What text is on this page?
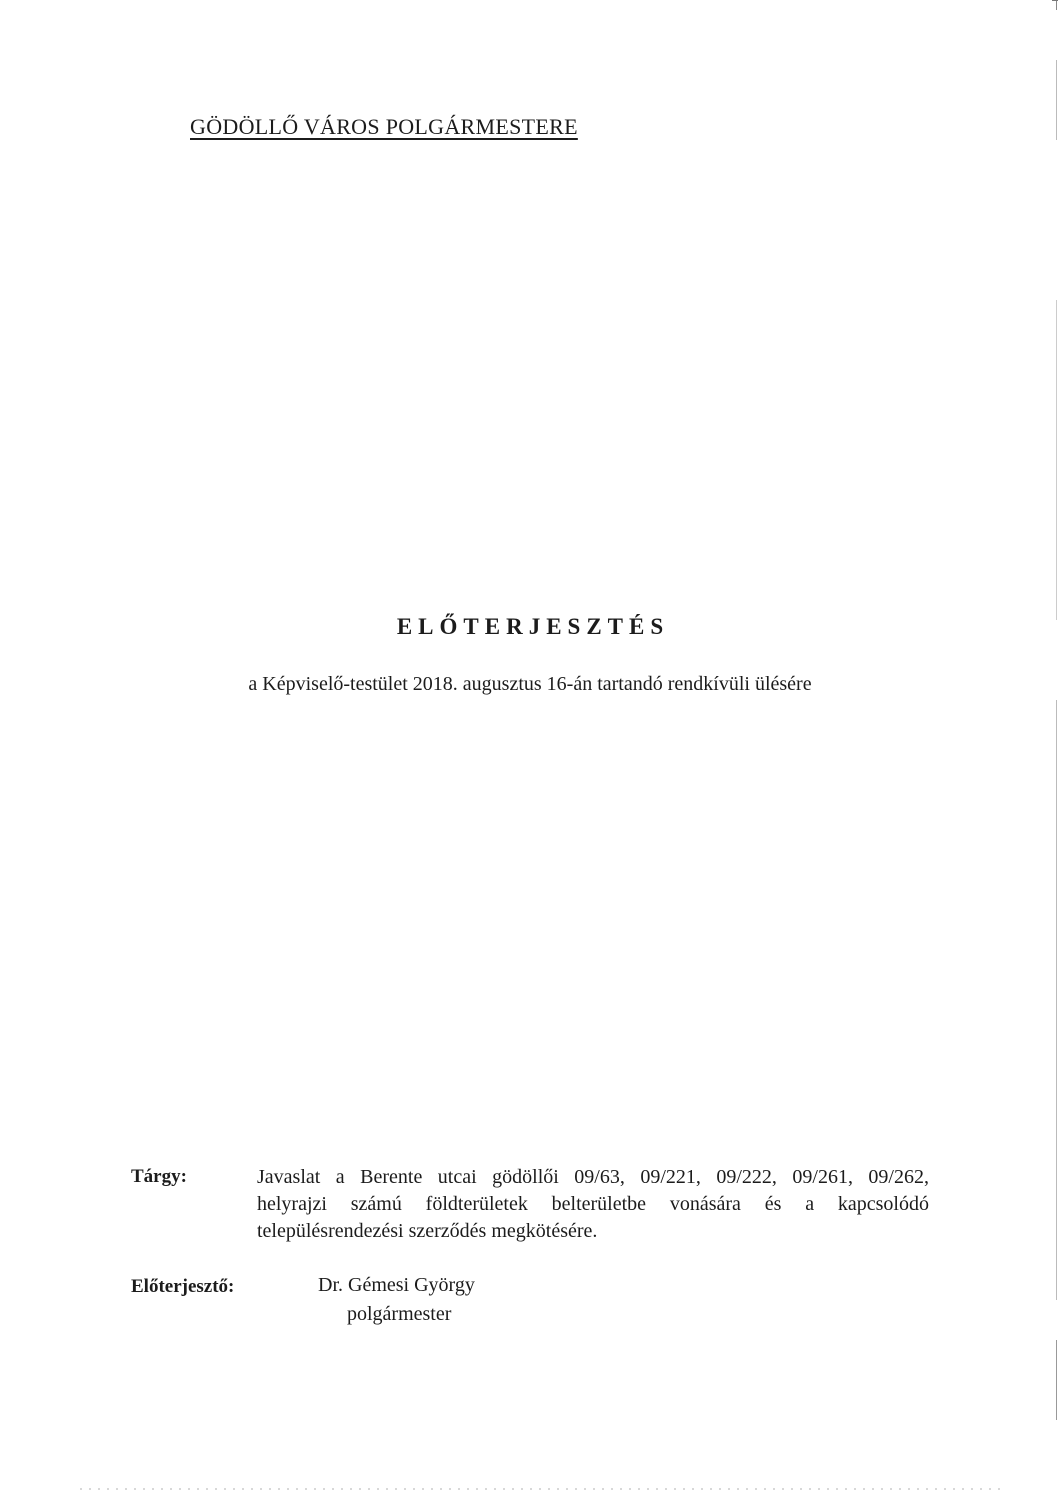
GÖDÖLLŐ VÁROS POLGÁRMESTERE
ELŐTERJESZTÉS
a Képviselő-testület 2018. augusztus 16-án tartandó rendkívüli ülésére
Tárgy:	Javaslat a Berente utcai gödöllői 09/63, 09/221, 09/222, 09/261, 09/262,
helyrajzi számú földterületek belterületbe vonására és a kapcsolódó
településrendezési szerződés megkötésére.
Előterjesztő:	Dr. Gémesi György
polgármester
